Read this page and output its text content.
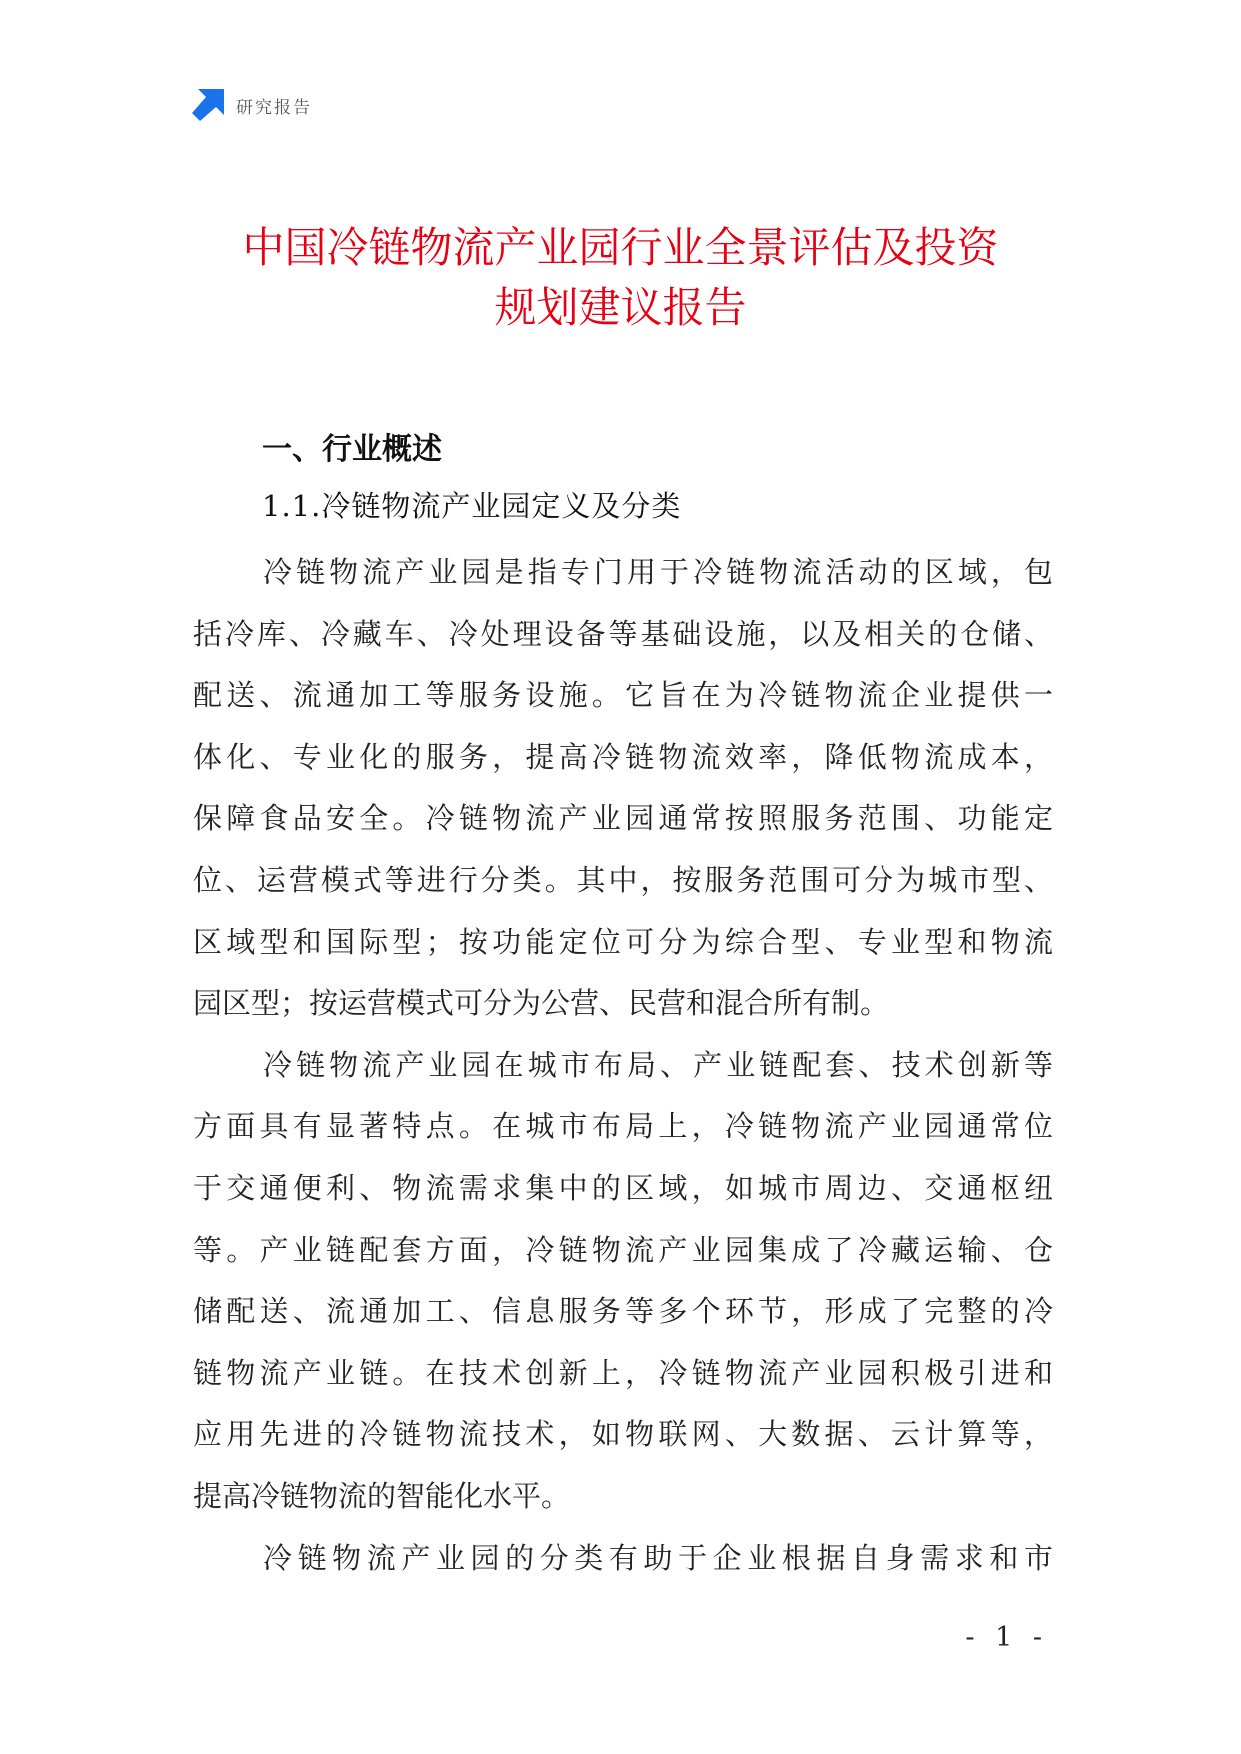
研究报告
中国冷链物流产业园行业全景评估及投资
规划建议报告
一、行业概述
1.1.冷链物流产业园定义及分类
冷链物流产业园是指专门用于冷链物流活动的区域，包
括冷库、冷藏车、冷处理设备等基础设施，以及相关的仓储、
配送、流通加工等服务设施。它旨在为冷链物流企业提供一
体化、专业化的服务，提高冷链物流效率，降低物流成本，
保障食品安全。冷链物流产业园通常按照服务范围、功能定
位、运营模式等进行分类。其中，按服务范围可分为城市型、
区域型和国际型；按功能定位可分为综合型、专业型和物流
园区型；按运营模式可分为公营、民营和混合所有制。
冷链物流产业园在城市布局、产业链配套、技术创新等
方面具有显著特点。在城市布局上，冷链物流产业园通常位
于交通便利、物流需求集中的区域，如城市周边、交通枢纽
等。产业链配套方面，冷链物流产业园集成了冷藏运输、仓
储配送、流通加工、信息服务等多个环节，形成了完整的冷
链物流产业链。在技术创新上，冷链物流产业园积极引进和
应用先进的冷链物流技术，如物联网、大数据、云计算等，
提高冷链物流的智能化水平。
冷链物流产业园的分类有助于企业根据自身需求和市
- 1 -
